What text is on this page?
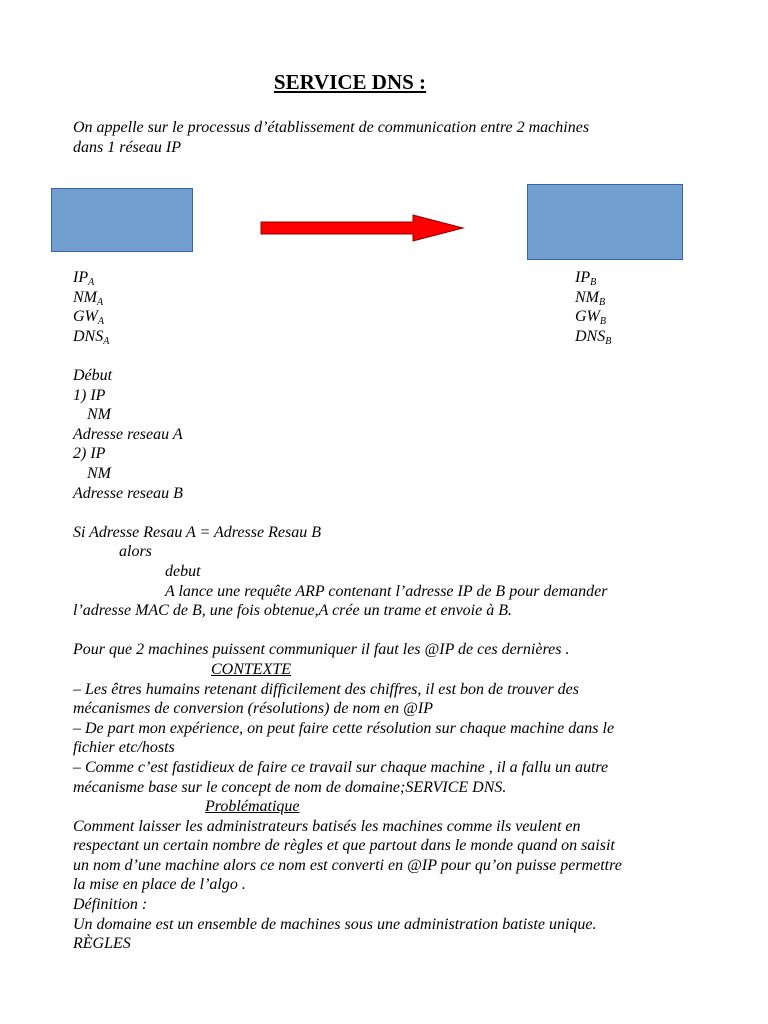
SERVICE DNS :
On appelle sur le processus d’établissement de communication entre 2 machines
dans 1 réseau IP
$IP_A$
$NM_A$
$GW_A$
$DNS_A$
$IP_B$
$NM_B$
$GW_B$
$DNS_B$
Début
1) IP
NM
Adresse reseau A
2) IP
NM
Adresse reseau B
Si Adresse Resau A = Adresse Resau B
alors
debut
A lance une requête ARP contenant l’adresse IP de B pour demander
l’adresse MAC de B, une fois obtenue,A crée un trame et envoie à B.
Pour que 2 machines puissent communiquer il faut les @IP de ces dernières .
CONTEXTE
– Les êtres humains retenant difficilement des chiffres, il est bon de trouver des
mécanismes de conversion (résolutions) de nom en @IP
– De part mon expérience, on peut faire cette résolution sur chaque machine dans le
fichier etc/hosts
– Comme c’est fastidieux de faire ce travail sur chaque machine , il a fallu un autre
mécanisme base sur le concept de nom de domaine;SERVICE DNS.
Problématique
Comment laisser les administrateurs batisés les machines comme ils veulent en
respectant un certain nombre de règles et que partout dans le monde quand on saisit
un nom d’une machine alors ce nom est converti en @IP pour qu’on puisse permettre
la mise en place de l’algo .
Définition :
Un domaine est un ensemble de machines sous une administration batiste unique.
RÈGLES
